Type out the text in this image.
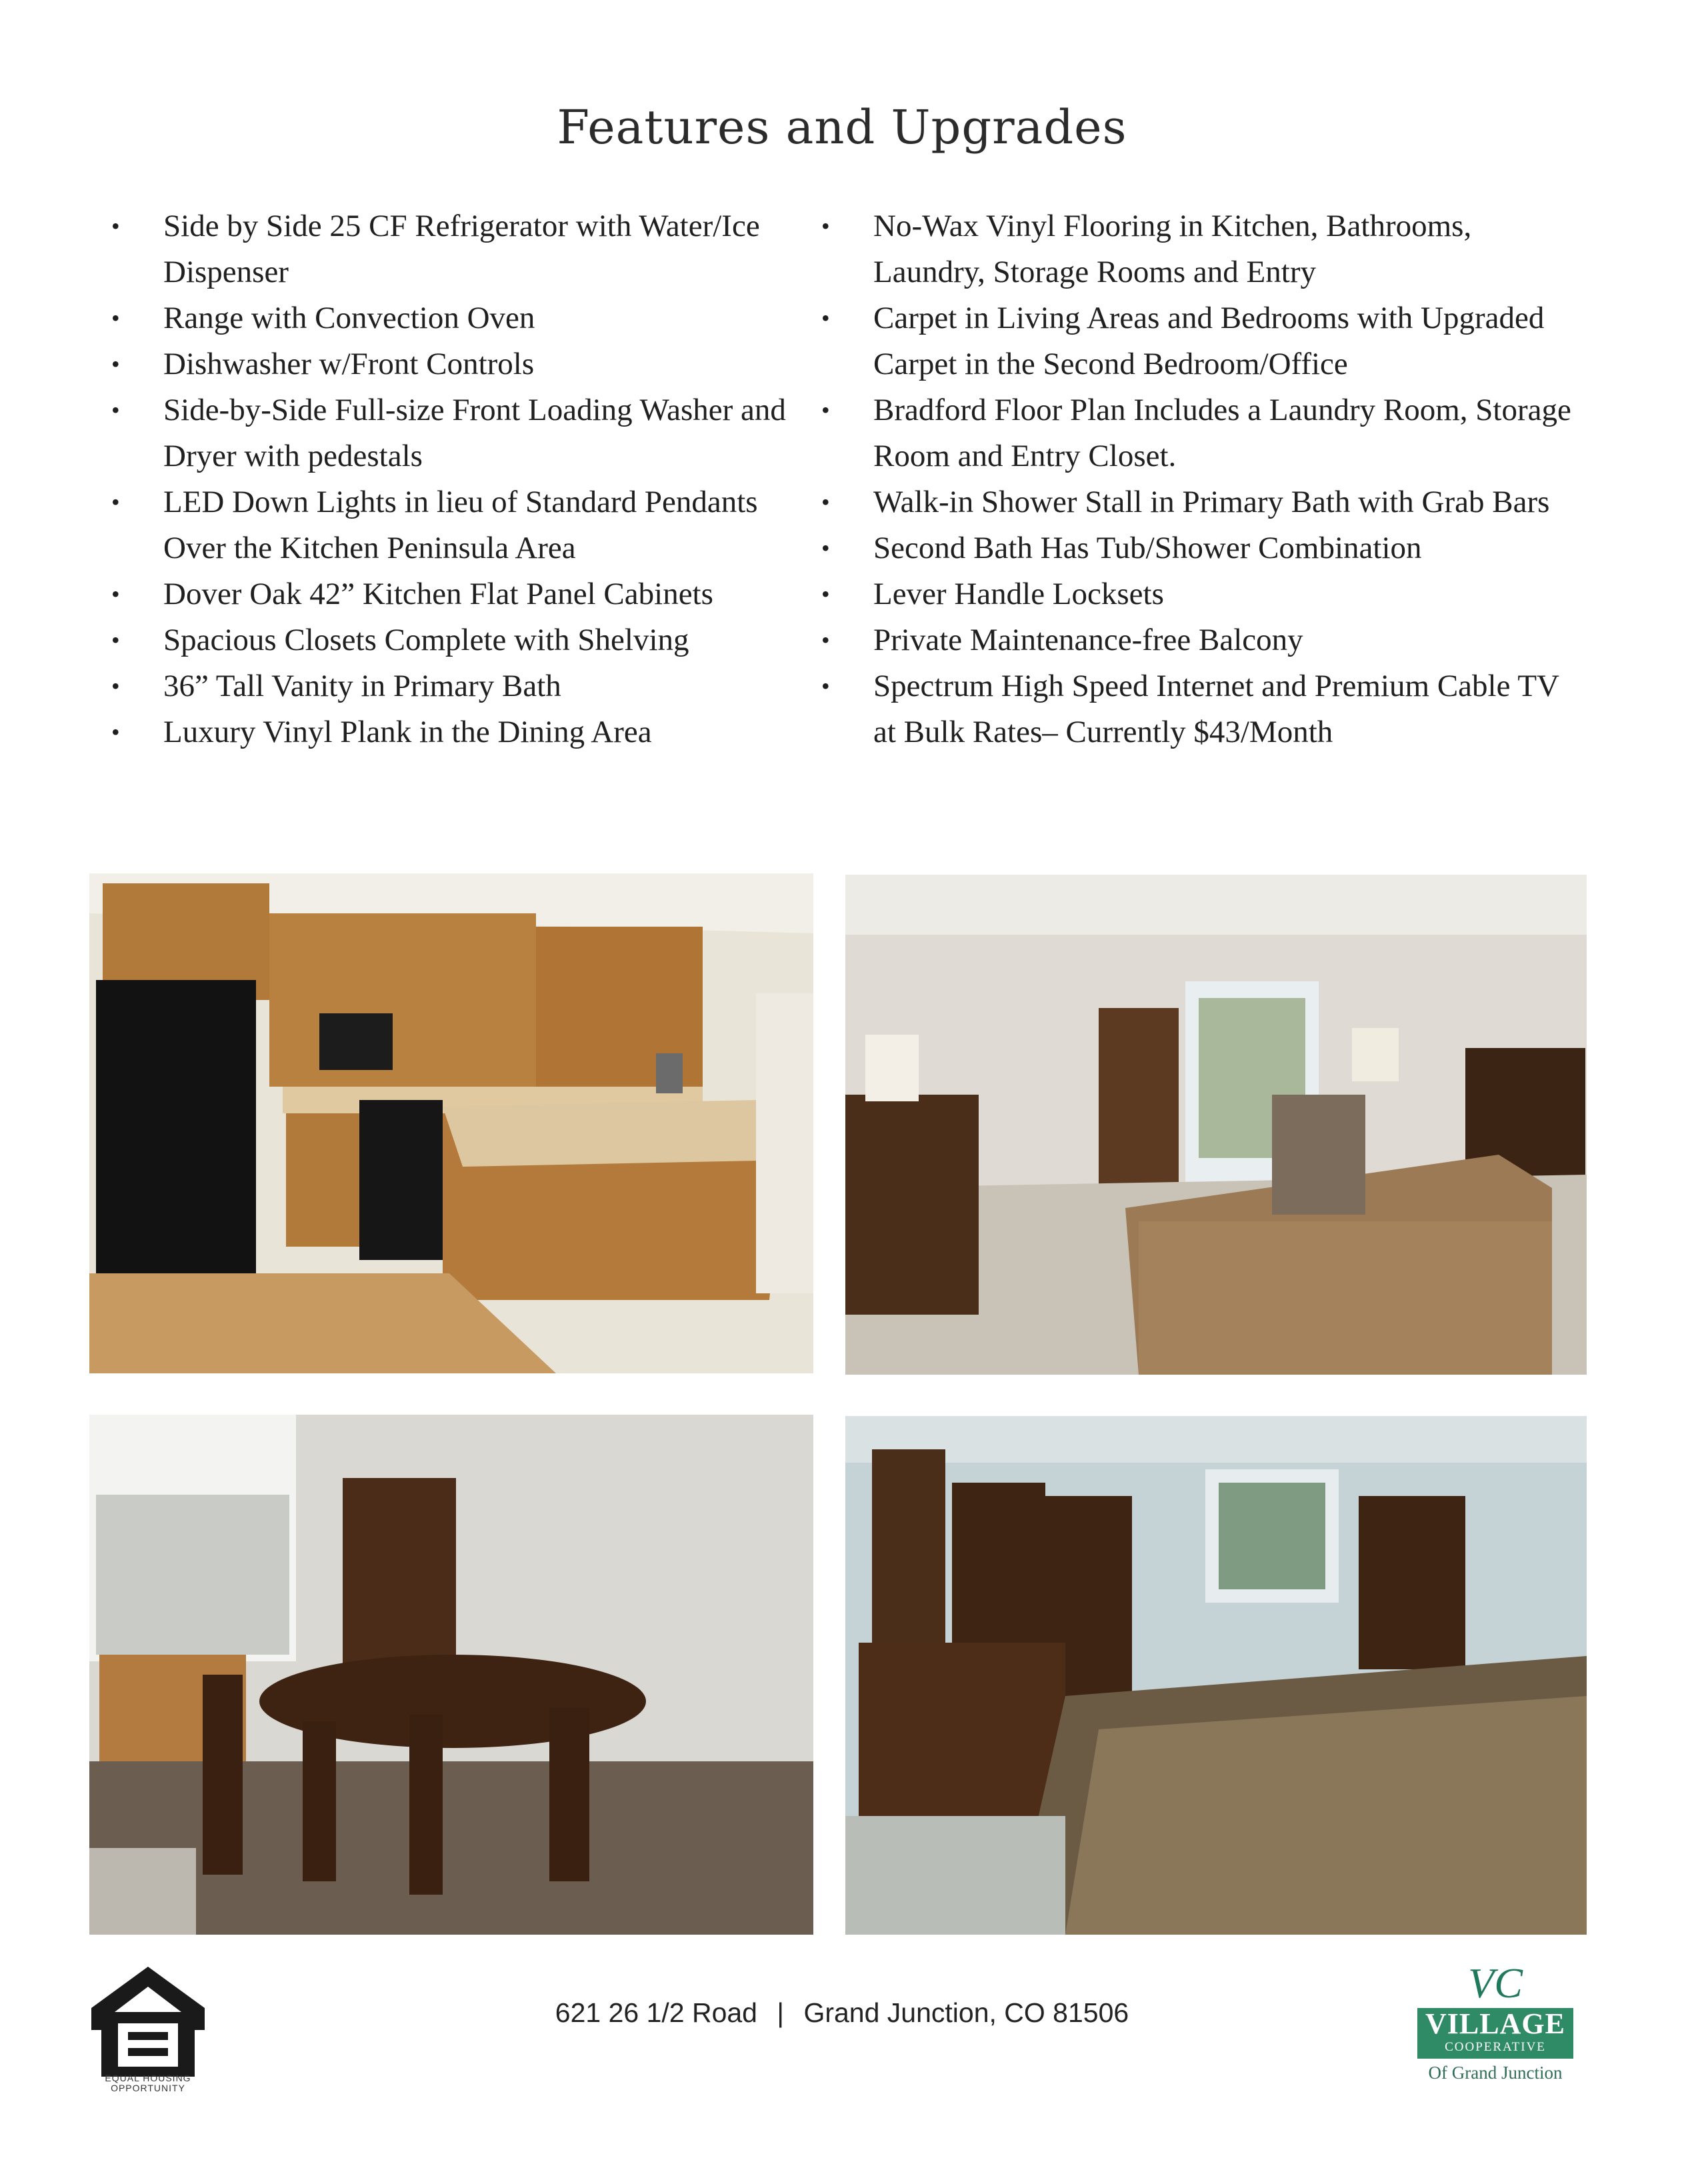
Features and Upgrades
• Side by Side 25 CF Refrigerator with Water/Ice Dispenser
• Range with Convection Oven
• Dishwasher w/Front Controls
• Side-by-Side Full-size Front Loading Washer and Dryer with pedestals
• LED Down Lights in lieu of Standard Pendants Over the Kitchen Peninsula Area
• Dover Oak 42” Kitchen Flat Panel Cabinets
• Spacious Closets Complete with Shelving
• 36” Tall Vanity in Primary Bath
• Luxury Vinyl Plank in the Dining Area
• No-Wax Vinyl Flooring in Kitchen, Bathrooms, Laundry, Storage Rooms and Entry
• Carpet in Living Areas and Bedrooms with Upgraded Carpet in the Second Bedroom/Office
• Bradford Floor Plan Includes a Laundry Room, Storage Room and Entry Closet.
• Walk-in Shower Stall in Primary Bath with Grab Bars
• Second Bath Has Tub/Shower Combination
• Lever Handle Locksets
• Private Maintenance-free Balcony
• Spectrum High Speed Internet and Premium Cable TV at Bulk Rates– Currently $43/Month
621 26 1/2 Road | Grand Junction, CO 81506
EQUAL HOUSING
OPPORTUNITY
VC
VILLAGE
COOPERATIVE
Of Grand Junction
